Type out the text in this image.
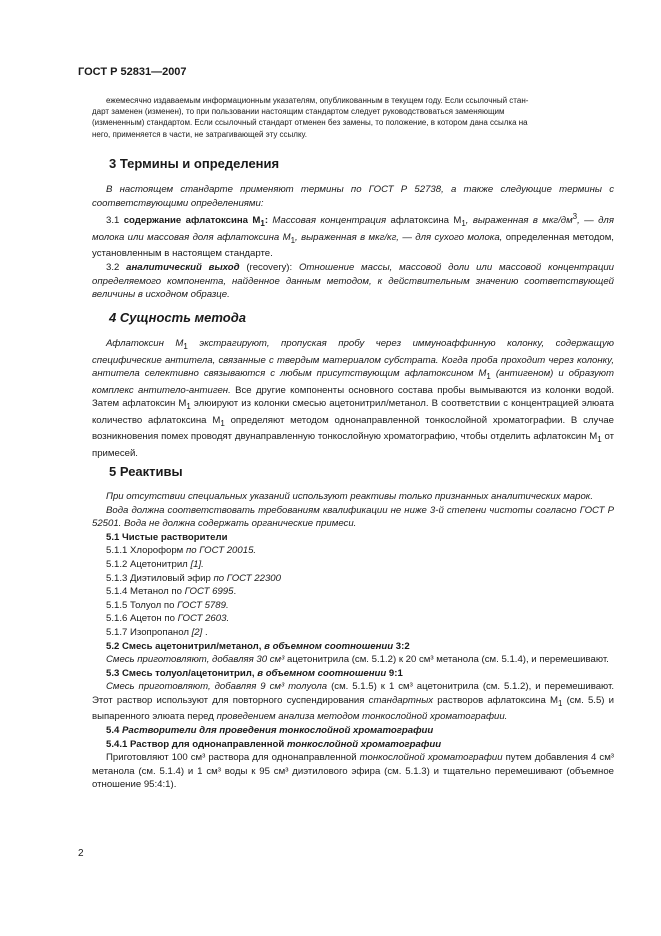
ГОСТ Р 52831—2007
ежемесячно издаваемым информационным указателям, опубликованным в текущем году. Если ссылочный стан-
дарт заменен (изменен), то при пользовании настоящим стандартом следует руководствоваться заменяющим
(измененным) стандартом. Если ссылочный стандарт отменен без замены, то положение, в котором дана ссылка на
него, применяется в части, не затрагивающей эту ссылку.
3 Термины и определения

В настоящем стандарте применяют термины по ГОСТ Р 52738, а также следующие термины с соответствующими определениями:

3.1 содержание афлатоксина $М_1$: Массовая концентрация афлатоксина $М_1$, выраженная в мкг/$дм^3$, — для молока или массовая доля афлатоксина $М_1$, выраженная в мкг/кг, — для сухого молока, определенная методом, установленным в настоящем стандарте.

3.2 аналитический выход (recovery): Отношение массы, массовой доли или массовой концентрации определяемого компонента, найденное данным методом, к действительным значению соответствующей величины в исходном образце.

4 Сущность метода

Афлатоксин $М_1$ экстрагируют, пропуская пробу через иммуноаффинную колонку, содержащую специфические антитела, связанные с твердым материалом субстрата. Когда проба проходит через колонку, антитела селективно связываются с любым присутствующим афлатоксином $М_1$ (антигеном) и образуют комплекс антитело-антиген. Все другие компоненты основного состава пробы вымываются из колонки водой. Затем афлатоксин $М_1$ элюируют из колонки смесью ацетонитрил/метанол. В соответствии с концентрацией элюата количество афлатоксина $М_1$ определяют методом однонаправленной тонкослойной хроматографии. В случае возникновения помех проводят двунаправленную тонкослойную хроматографию, чтобы отделить афлатоксин $М_1$ от примесей.

5 Реактивы

При отсутствии специальных указаний используют реактивы только признанных аналитических марок.

Вода должна соответствовать требованиям квалификации не ниже 3-й степени чистоты согласно ГОСТ Р 52501. Вода не должна содержать органические примеси.

5.1 Чистые растворители

5.1.1 Хлороформ по ГОСТ 20015.

5.1.2 Ацетонитрил [1].

5.1.3 Диэтиловый эфир по ГОСТ 22300

5.1.4 Метанол по ГОСТ 6995.

5.1.5 Толуол по ГОСТ 5789.

5.1.6 Ацетон по ГОСТ 2603.

5.1.7 Изопропанол [2] .

5.2 Смесь ацетонитрил/метанол, в объемном соотношении 3:2

Смесь приготовляют, добавляя 30 см³ ацетонитрила (см. 5.1.2) к 20 см³ метанола (см. 5.1.4), и перемешивают.

5.3 Смесь толуол/ацетонитрил, в объемном соотношении 9:1

Смесь приготовляют, добавляя 9 см³ толуола (см. 5.1.5) к 1 см³ ацетонитрила (см. 5.1.2), и перемешивают. Этот раствор используют для повторного суспендирования стандартных растворов афлатоксина $М_1$ (см. 5.5) и выпаренного элюата перед проведением анализа методом тонкослойной хроматографии.

5.4 Растворители для проведения тонкослойной хроматографии

5.4.1 Раствор для однонаправленной тонкослойной хроматографии

Приготовляют 100 см³ раствора для однонаправленной тонкослойной хроматографии путем добавления 4 см³ метанола (см. 5.1.4) и 1 см³ воды к 95 см³ диэтилового эфира (см. 5.1.3) и тщательно перемешивают (объемное отношение 95:4:1).

2
